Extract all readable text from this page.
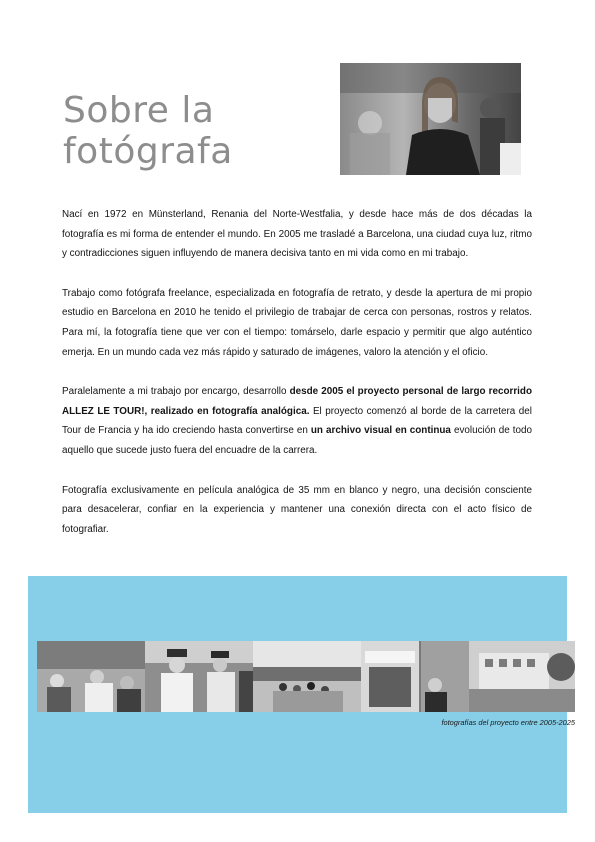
Sobre la
fotógrafa

Nací en 1972 en Münsterland, Renania del Norte-Westfalia, y desde hace más de dos décadas la fotografía es mi forma de entender el mundo. En 2005 me trasladé a Barcelona, una ciudad cuya luz, ritmo y contradicciones siguen influyendo de manera decisiva tanto en mi vida como en mi trabajo.

Trabajo como fotógrafa freelance, especializada en fotografía de retrato, y desde la apertura de mi propio estudio en Barcelona en 2010 he tenido el privilegio de trabajar de cerca con personas, rostros y relatos. Para mí, la fotografía tiene que ver con el tiempo: tomárselo, darle espacio y permitir que algo auténtico emerja. En un mundo cada vez más rápido y saturado de imágenes, valoro la atención y el oficio.

Paralelamente a mi trabajo por encargo, desarrollo desde 2005 el proyecto personal de largo recorrido ALLEZ LE TOUR!, realizado en fotografía analógica. El proyecto comenzó al borde de la carretera del Tour de Francia y ha ido creciendo hasta convertirse en un archivo visual en continua evolución de todo aquello que sucede justo fuera del encuadre de la carrera.

Fotografía exclusivamente en película analógica de 35 mm en blanco y negro, una decisión consciente para desacelerar, confiar en la experiencia y mantener una conexión directa con el acto físico de fotografiar.

fotografías del proyecto entre 2005-2025
